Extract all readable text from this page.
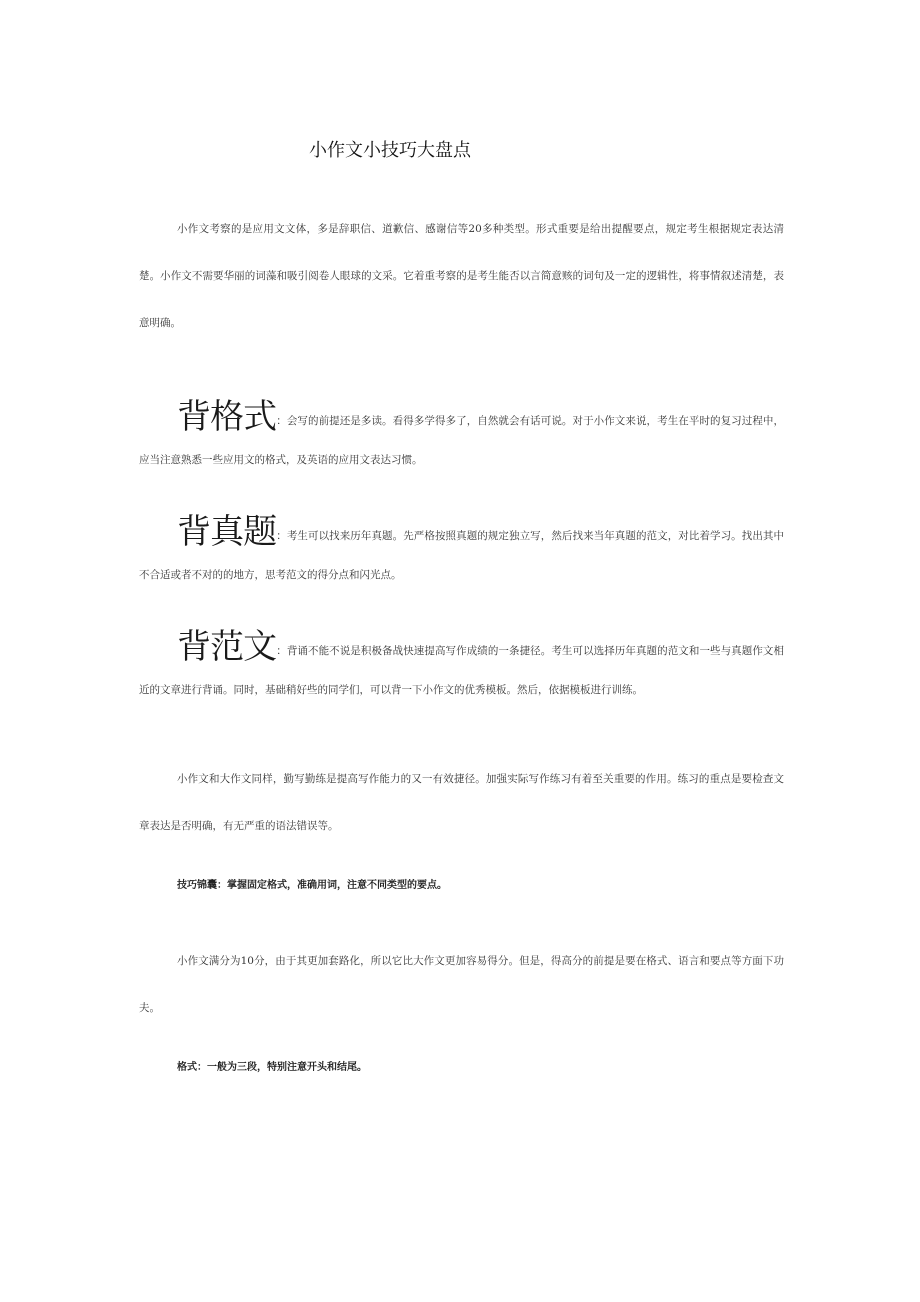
小作文小技巧大盘点

小作文考察的是应用文文体，多是辞职信、道歉信、感谢信等20多种类型。形式重要是给出提醒要点，规定考生根据规定表达清楚。小作文不需要华丽的词藻和吸引阅卷人眼球的文采。它着重考察的是考生能否以言简意赅的词句及一定的逻辑性，将事情叙述清楚，表意明确。

背格式：会写的前提还是多读。看得多学得多了，自然就会有话可说。对于小作文来说，考生在平时的复习过程中，应当注意熟悉一些应用文的格式，及英语的应用文表达习惯。

背真题：考生可以找来历年真题。先严格按照真题的规定独立写，然后找来当年真题的范文，对比着学习。找出其中不合适或者不对的的地方，思考范文的得分点和闪光点。

背范文：背诵不能不说是积极备战快速提高写作成绩的一条捷径。考生可以选择历年真题的范文和一些与真题作文相近的文章进行背诵。同时，基础稍好些的同学们，可以背一下小作文的优秀模板。然后，依据模板进行训练。

小作文和大作文同样，勤写勤练是提高写作能力的又一有效捷径。加强实际写作练习有着至关重要的作用。练习的重点是要检查文章表达是否明确，有无严重的语法错误等。

技巧锦囊：掌握固定格式，准确用词，注意不同类型的要点。

小作文满分为10分，由于其更加套路化，所以它比大作文更加容易得分。但是，得高分的前提是要在格式、语言和要点等方面下功夫。

格式：一般为三段，特别注意开头和结尾。
